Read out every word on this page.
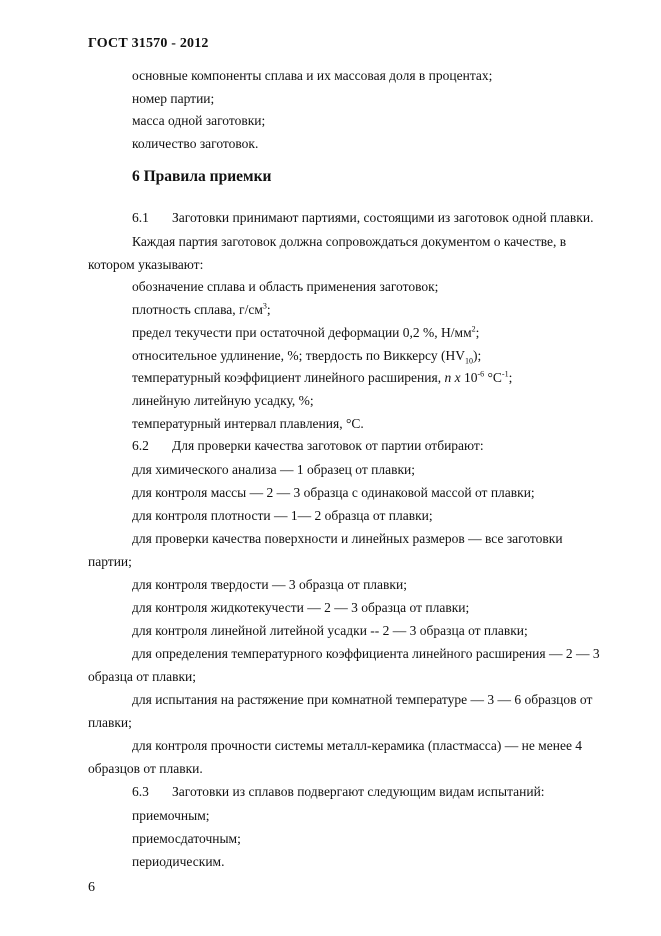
ГОСТ 31570 - 2012
основные компоненты сплава и их массовая доля в процентах;
номер партии;
масса одной заготовки;
количество заготовок.
6 Правила приемки
6.1 Заготовки принимают партиями, состоящими из заготовок одной плавки.
Каждая партия заготовок должна сопровождаться документом о качестве, в
котором указывают:
обозначение сплава и область применения заготовок;
плотность сплава, $г/см^3$;
предел текучести при остаточной деформации 0,2 %, $Н/мм^2$;
относительное удлинение, %; твердость по Виккерсу $(HV_{10})$;
температурный коэффициент линейного расширения, n x $10^{-6}$ $^\circ C^{-1}$;
линейную литейную усадку, %;
температурный интервал плавления, °С.
6.2 Для проверки качества заготовок от партии отбирают:
для химического анализа — 1 образец от плавки;
для контроля массы — 2 — 3 образца с одинаковой массой от плавки;
для контроля плотности — 1— 2 образца от плавки;
для проверки качества поверхности и линейных размеров — все заготовки
партии;
для контроля твердости — 3 образца от плавки;
для контроля жидкотекучести — 2 — 3 образца от плавки;
для контроля линейной литейной усадки -- 2 — 3 образца от плавки;
для определения температурного коэффициента линейного расширения — 2 — 3
образца от плавки;
для испытания на растяжение при комнатной температуре — 3 — 6 образцов от
плавки;
для контроля прочности системы металл-керамика (пластмасса) — не менее 4
образцов от плавки.
6.3 Заготовки из сплавов подвергают следующим видам испытаний:
приемочным;
приемосдаточным;
периодическим.
6
